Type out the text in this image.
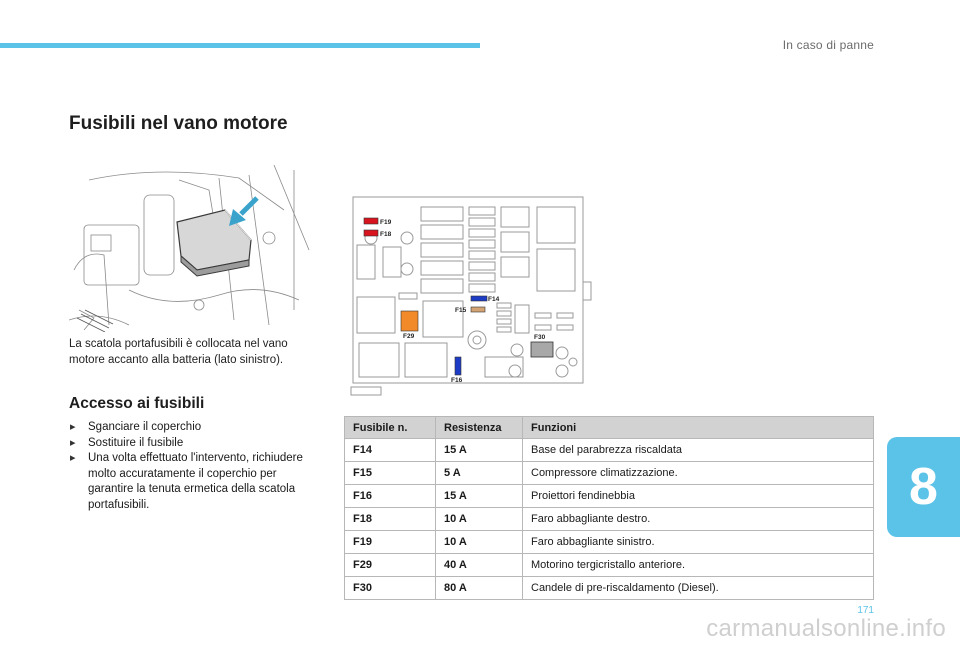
In caso di panne
Fusibili nel vano motore

La scatola portafusibili è collocata nel vano motore accanto alla batteria (lato sinistro).

Accesso ai fusibili
▸ Sganciare il coperchio
▸ Sostituire il fusibile
▸ Una volta effettuato l'intervento, richiudere molto accuratamente il coperchio per garantire la tenuta ermetica della scatola portafusibili.
F19
F18
F14
F15
F29	F30
F16
Fusibile n.	Resistenza	Funzioni
F14	15 A	Base del parabrezza riscaldata
F15	5 A	Compressore climatizzazione.
F16	15 A	Proiettori fendinebbia
F18	10 A	Faro abbagliante destro.
F19	10 A	Faro abbagliante sinistro.
F29	40 A	Motorino tergicristallo anteriore.
F30	80 A	Candele di pre-riscaldamento (Diesel).
8
171
carmanualsonline.info
